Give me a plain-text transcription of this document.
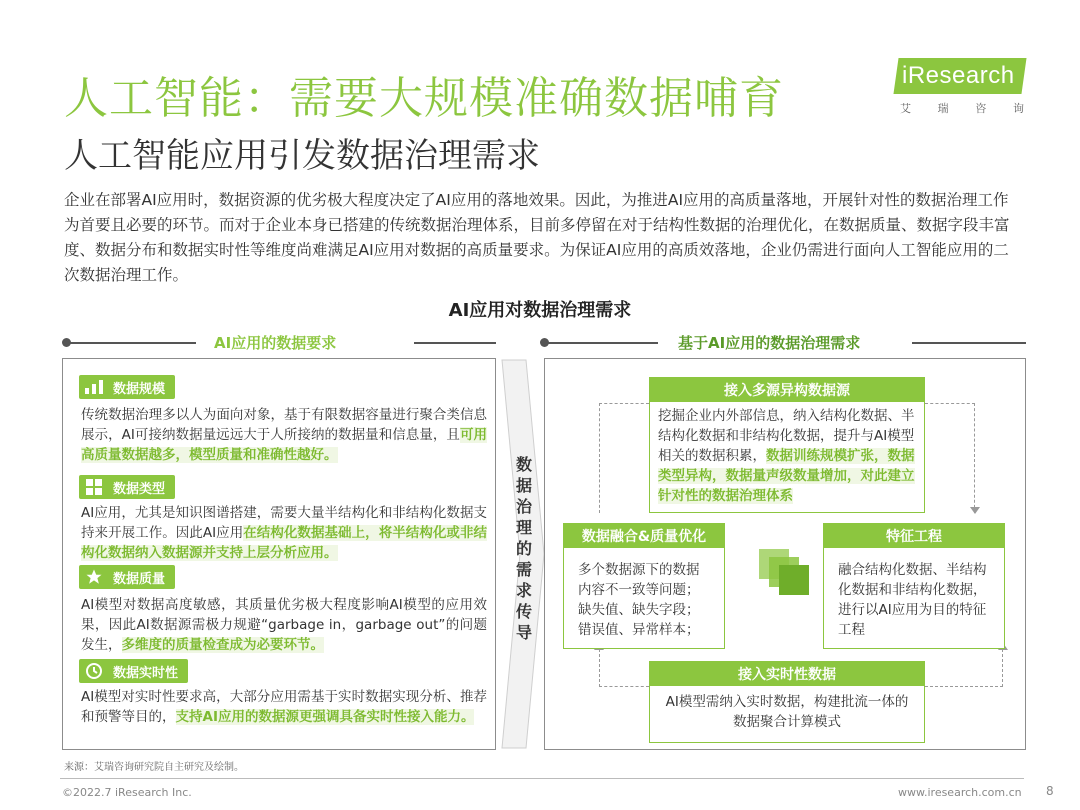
人工智能：需要大规模准确数据哺育
人工智能应用引发数据治理需求
iResearch
艾 瑞 咨 询
企业在部署AI应用时，数据资源的优劣极大程度决定了AI应用的落地效果。因此，为推进AI应用的高质量落地，开展针对性的数据治理工作为首要且必要的环节。而对于企业本身已搭建的传统数据治理体系，目前多停留在对于结构性数据的治理优化，在数据质量、数据字段丰富度、数据分布和数据实时性等维度尚难满足AI应用对数据的高质量要求。为保证AI应用的高质效落地，企业仍需进行面向人工智能应用的二次数据治理工作。
AI应用对数据治理需求
AI应用的数据要求	基于AI应用的数据治理需求
数据规模
传统数据治理多以人为面向对象，基于有限数据容量进行聚合类信息展示，AI可接纳数据量远远大于人所接纳的数据量和信息量，且可用高质量数据越多，模型质量和准确性越好。
数据类型
AI应用，尤其是知识图谱搭建，需要大量半结构化和非结构化数据支持来开展工作。因此AI应用在结构化数据基础上，将半结构化或非结构化数据纳入数据源并支持上层分析应用。
数据质量
AI模型对数据高度敏感，其质量优劣极大程度影响AI模型的应用效果，因此AI数据源需极力规避“garbage in，garbage out”的问题发生，多维度的质量检查成为必要环节。
数据实时性
AI模型对实时性要求高，大部分应用需基于实时数据实现分析、推荐和预警等目的，支持AI应用的数据源更强调具备实时性接入能力。
数据治理的需求传导
接入多源异构数据源
挖掘企业内外部信息，纳入结构化数据、半结构化数据和非结构化数据，提升与AI模型相关的数据积累，数据训练规模扩张，数据类型异构，数据量声级数量增加，对此建立针对性的数据治理体系
数据融合&质量优化
多个数据源下的数据内容不一致等问题；缺失值、缺失字段；错误值、异常样本；
特征工程
融合结构化数据、半结构化数据和非结构化数据，进行以AI应用为目的特征工程
接入实时性数据
AI模型需纳入实时数据，构建批流一体的数据聚合计算模式
来源：艾瑞咨询研究院自主研究及绘制。
©2022.7 iResearch Inc.	www.iresearch.com.cn 8
